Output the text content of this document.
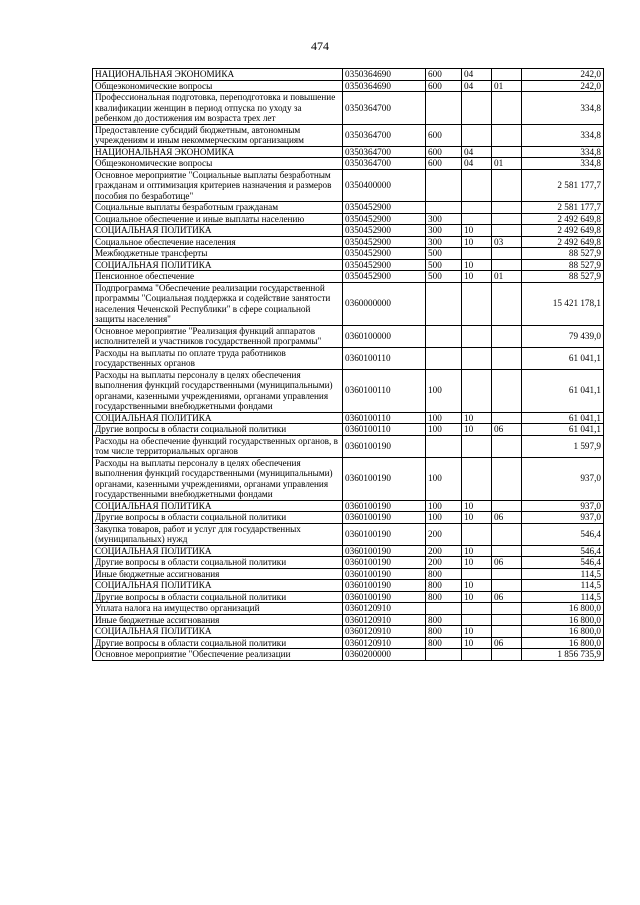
474
НАЦИОНАЛЬНАЯ ЭКОНОМИКА	0350364690	600	04		242,0
Общеэкономические вопросы	0350364690	600	04	01	242,0
Профессиональная подготовка, переподготовка и повышение квалификации женщин в период отпуска по уходу за ребенком до достижения им возраста трех лет	0350364700				334,8
Предоставление субсидий бюджетным, автономным учреждениям и иным некоммерческим организациям	0350364700	600			334,8
НАЦИОНАЛЬНАЯ ЭКОНОМИКА	0350364700	600	04		334,8
Общеэкономические вопросы	0350364700	600	04	01	334,8
Основное мероприятие "Социальные выплаты безработным гражданам и оптимизация критериев назначения и размеров пособия по безработице"	0350400000				2 581 177,7
Социальные выплаты безработным гражданам	0350452900				2 581 177,7
Социальное обеспечение и иные выплаты населению	0350452900	300			2 492 649,8
СОЦИАЛЬНАЯ ПОЛИТИКА	0350452900	300	10		2 492 649,8
Социальное обеспечение населения	0350452900	300	10	03	2 492 649,8
Межбюджетные трансферты	0350452900	500			88 527,9
СОЦИАЛЬНАЯ ПОЛИТИКА	0350452900	500	10		88 527,9
Пенсионное обеспечение	0350452900	500	10	01	88 527,9
Подпрограмма "Обеспечение реализации государственной программы "Социальная поддержка и содействие занятости населения Чеченской Республики" в сфере социальной защиты населения"	0360000000				15 421 178,1
Основное мероприятие "Реализация функций аппаратов исполнителей и участников государственной программы"	0360100000				79 439,0
Расходы на выплаты по оплате труда работников государственных органов	0360100110				61 041,1
Расходы на выплаты персоналу в целях обеспечения выполнения функций государственными (муниципальными) органами, казенными учреждениями, органами управления государственными внебюджетными фондами	0360100110	100			61 041,1
СОЦИАЛЬНАЯ ПОЛИТИКА	0360100110	100	10		61 041,1
Другие вопросы в области социальной политики	0360100110	100	10	06	61 041,1
Расходы на обеспечение функций государственных органов, в том числе территориальных органов	0360100190				1 597,9
Расходы на выплаты персоналу в целях обеспечения выполнения функций государственными (муниципальными) органами, казенными учреждениями, органами управления государственными внебюджетными фондами	0360100190	100			937,0
СОЦИАЛЬНАЯ ПОЛИТИКА	0360100190	100	10		937,0
Другие вопросы в области социальной политики	0360100190	100	10	06	937,0
Закупка товаров, работ и услуг для государственных (муниципальных) нужд	0360100190	200			546,4
СОЦИАЛЬНАЯ ПОЛИТИКА	0360100190	200	10		546,4
Другие вопросы в области социальной политики	0360100190	200	10	06	546,4
Иные бюджетные ассигнования	0360100190	800			114,5
СОЦИАЛЬНАЯ ПОЛИТИКА	0360100190	800	10		114,5
Другие вопросы в области социальной политики	0360100190	800	10	06	114,5
Уплата налога на имущество организаций	0360120910				16 800,0
Иные бюджетные ассигнования	0360120910	800			16 800,0
СОЦИАЛЬНАЯ ПОЛИТИКА	0360120910	800	10		16 800,0
Другие вопросы в области социальной политики	0360120910	800	10	06	16 800,0
Основное мероприятие "Обеспечение реализации	0360200000				1 856 735,9
